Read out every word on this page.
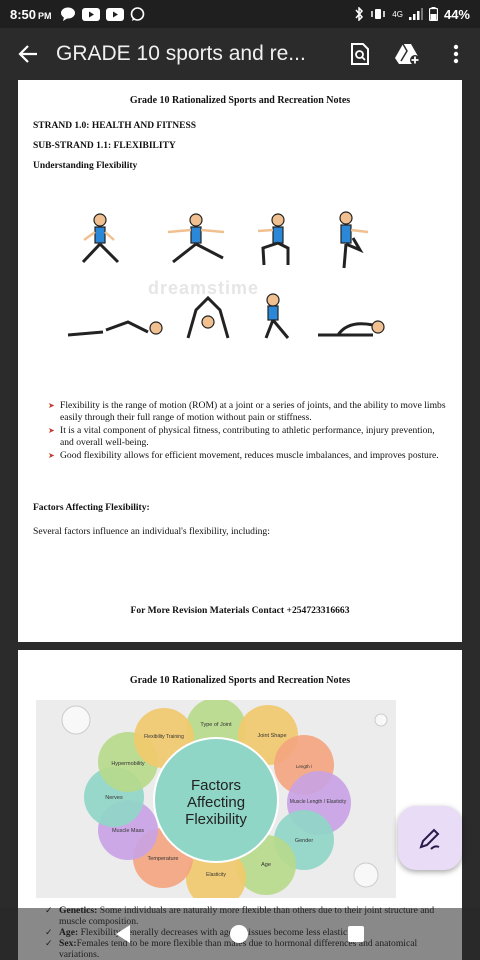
8:50 PM	4G	44%
GRADE 10 sports and re...
Grade 10 Rationalized Sports and Recreation Notes
STRAND 1.0: HEALTH AND FITNESS
SUB-STRAND 1.1: FLEXIBILITY
Understanding Flexibility
dreamstime
➤ Flexibility is the range of motion (ROM) at a joint or a series of joints, and the ability to move limbs easily through their full range of motion without pain or stiffness.
➤ It is a vital component of physical fitness, contributing to athletic performance, injury prevention, and overall well-being.
➤ Good flexibility allows for efficient movement, reduces muscle imbalances, and improves posture.
Factors Affecting Flexibility:
Several factors influence an individual's flexibility, including:
For More Revision Materials Contact +254723316663
Grade 10 Rationalized Sports and Recreation Notes
Type of Joint
Joint Shape
Length /
Muscle Length / Elasticity
Gender
Age
Elasticity
Temperature
Muscle Mass
Nerves
Hypermobility
Flexibility Training
Factors
Affecting
Flexibility
✓
✓
✓
